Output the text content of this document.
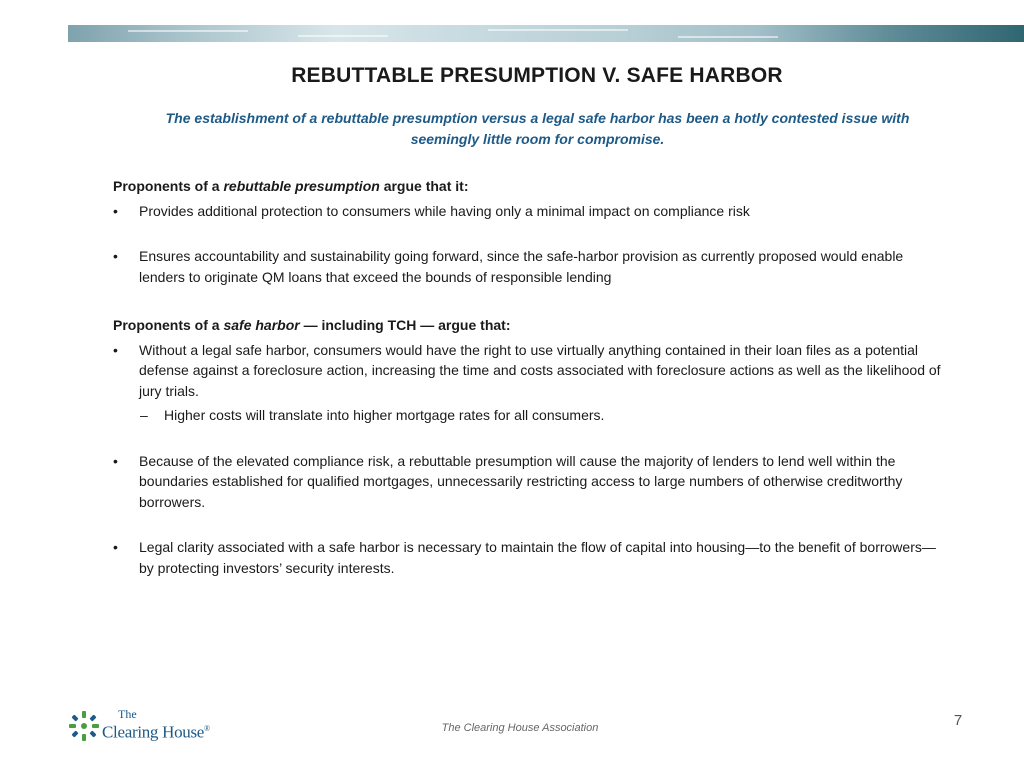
REBUTTABLE PRESUMPTION V. SAFE HARBOR
The establishment of a rebuttable presumption versus a legal safe harbor has been a hotly contested issue with seemingly little room for compromise.

Proponents of a rebuttable presumption argue that it:

• Provides additional protection to consumers while having only a minimal impact on compliance risk

• Ensures accountability and sustainability going forward, since the safe-harbor provision as currently proposed would enable lenders to originate QM loans that exceed the bounds of responsible lending

Proponents of a safe harbor — including TCH — argue that:

• Without a legal safe harbor, consumers would have the right to use virtually anything contained in their loan files as a potential defense against a foreclosure action, increasing the time and costs associated with foreclosure actions as well as the likelihood of jury trials.

– Higher costs will translate into higher mortgage rates for all consumers.

• Because of the elevated compliance risk, a rebuttable presumption will cause the majority of lenders to lend well within the boundaries established for qualified mortgages, unnecessarily restricting access to large numbers of otherwise creditworthy borrowers.

• Legal clarity associated with a safe harbor is necessary to maintain the flow of capital into housing—to the benefit of borrowers—by protecting investors’ security interests.

The
Clearing House®	The Clearing House Association	7
